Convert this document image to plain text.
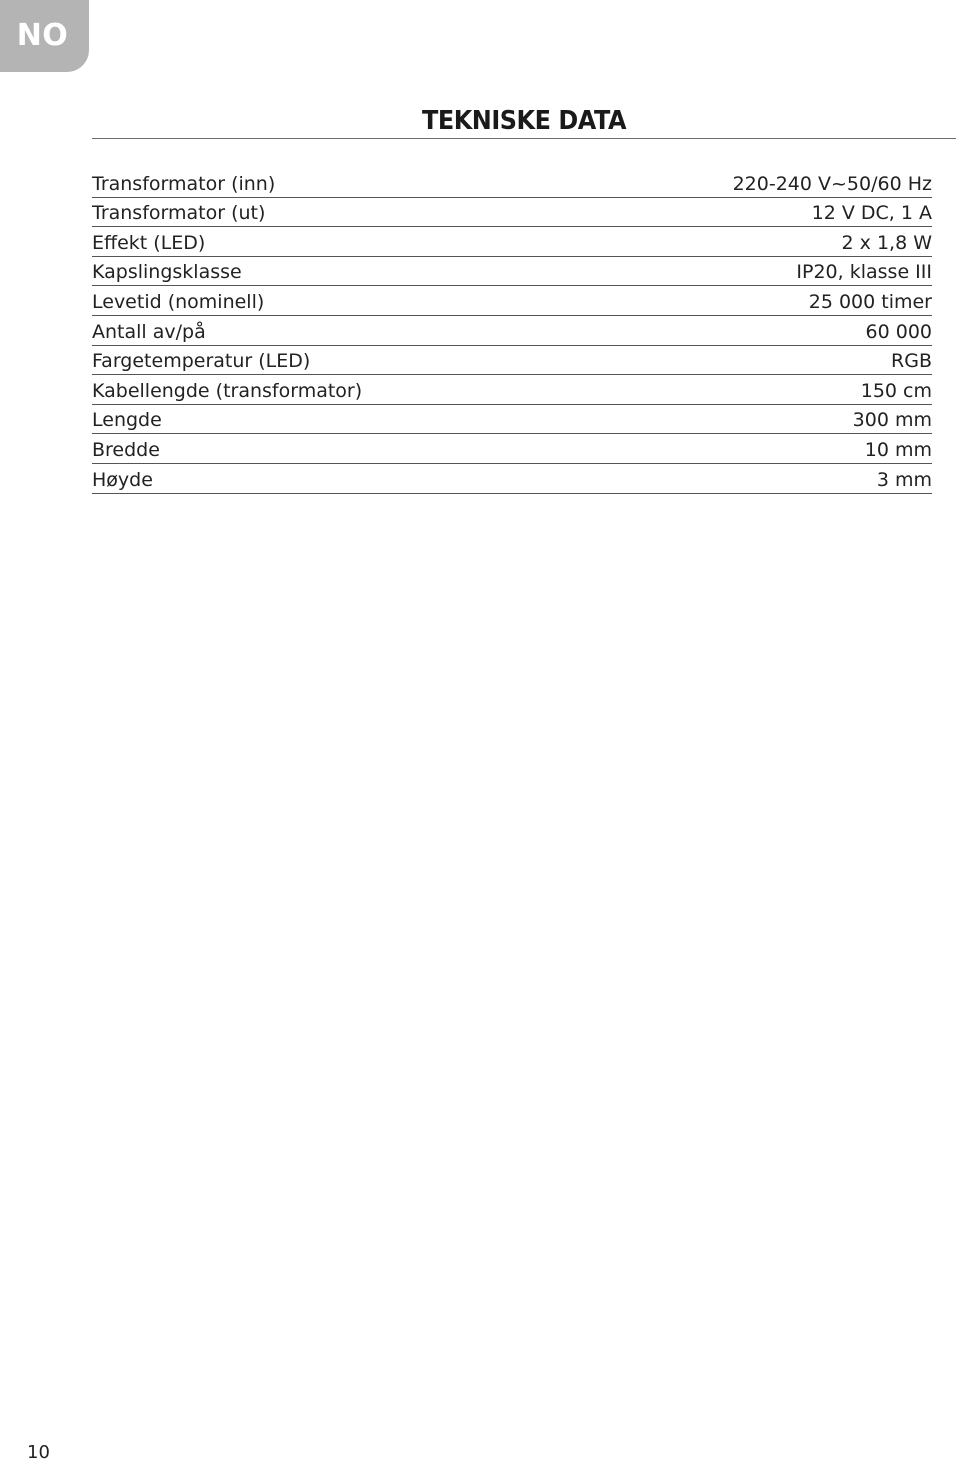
NO
TEKNISKE DATA
Transformator (inn)	220-240 V~50/60 Hz
Transformator (ut)	12 V DC, 1 A
Effekt (LED)	2 x 1,8 W
Kapslingsklasse	IP20, klasse III
Levetid (nominell)	25 000 timer
Antall av/på	60 000
Fargetemperatur (LED)	RGB
Kabellengde (transformator)	150 cm
Lengde	300 mm
Bredde	10 mm
Høyde	3 mm
10
